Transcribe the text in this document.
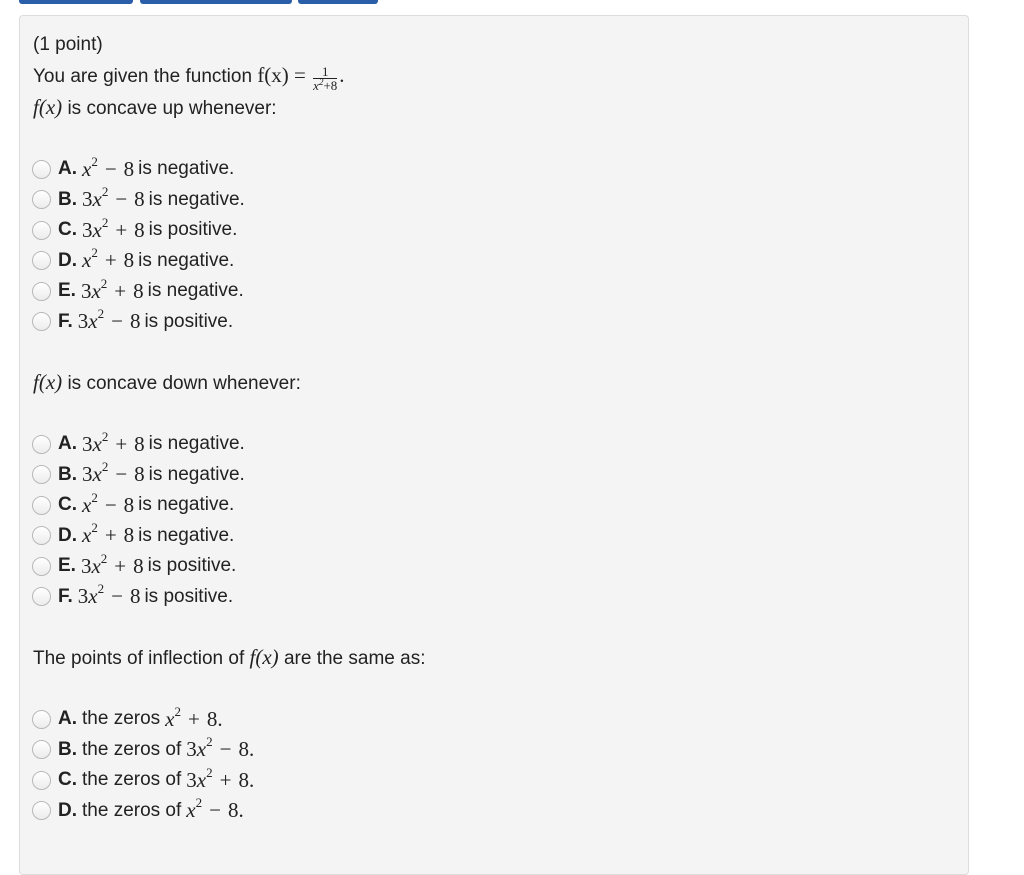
(1 point)
You are given the function $f(x) = \frac{1}{x^2+8}$ .
f(x) is concave up whenever:
A. $x^2 - 8$ is negative.
B. $3x^2 - 8$ is negative.
C. $3x^2 + 8$ is positive.
D. $x^2 + 8$ is negative.
E. $3x^2 + 8$ is negative.
F. $3x^2 - 8$ is positive.
f(x) is concave down whenever:
A. $3x^2 + 8$ is negative.
B. $3x^2 - 8$ is negative.
C. $x^2 - 8$ is negative.
D. $x^2 + 8$ is negative.
E. $3x^2 + 8$ is positive.
F. $3x^2 - 8$ is positive.
The points of inflection of f(x) are the same as:
A. the zeros $x^2 + 8$.
B. the zeros of $3x^2 - 8$.
C. the zeros of $3x^2 + 8$.
D. the zeros of $x^2 - 8$.
